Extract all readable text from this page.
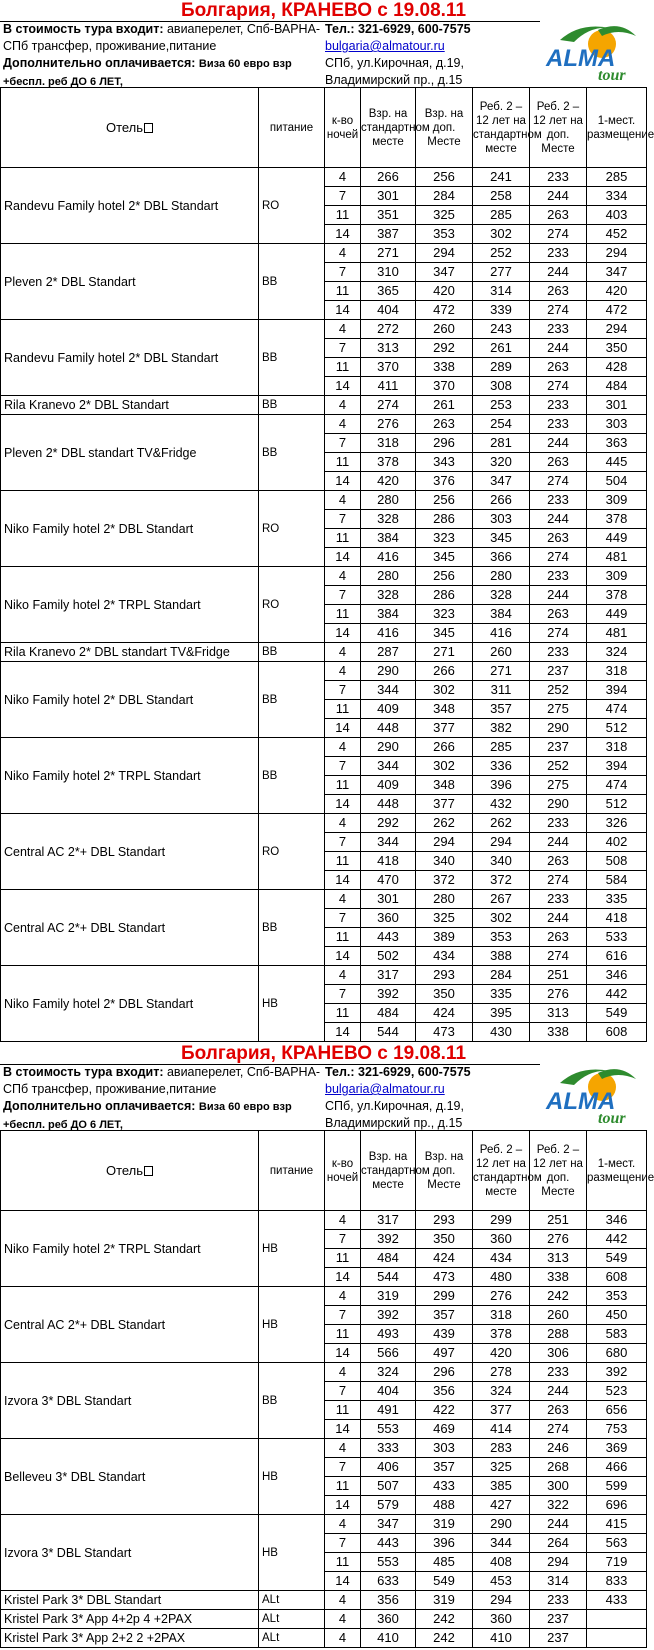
Болгария, КРАНЕВО с 19.08.11
В стоимость тура входит: авиаперелет, Спб-ВАРНА-СПб трансфер, проживание,питание
Дополнительно оплачивается: Виза 60 евро взр +беспл. реб ДО 6 ЛЕТ,
Тел.: 321-6929, 600-7575
bulgaria@almatour.ru
СПб, ул.Кирочная, д.19,
Владимирский пр., д.15
ALMA
tour
Отель	питание	к-во ночей	Взр. на стандартном месте	Взр. на доп. Месте	Реб. 2 – 12 лет на стандартном месте	Реб. 2 – 12 лет на доп. Месте	1-мест. размещение
Randevu Family hotel 2* DBL Standart	RO	4	266	256	241	233	285
		7	301	284	258	244	334
		11	351	325	285	263	403
		14	387	353	302	274	452
Pleven 2* DBL Standart	BB	4	271	294	252	233	294
		7	310	347	277	244	347
		11	365	420	314	263	420
		14	404	472	339	274	472
Randevu Family hotel 2* DBL Standart	BB	4	272	260	243	233	294
		7	313	292	261	244	350
		11	370	338	289	263	428
		14	411	370	308	274	484
Rila Kranevo 2* DBL Standart	BB	4	274	261	253	233	301
Pleven 2* DBL standart TV&Fridge	BB	4	276	263	254	233	303
		7	318	296	281	244	363
		11	378	343	320	263	445
		14	420	376	347	274	504
Niko Family hotel 2* DBL Standart	RO	4	280	256	266	233	309
		7	328	286	303	244	378
		11	384	323	345	263	449
		14	416	345	366	274	481
Niko Family hotel 2* TRPL Standart	RO	4	280	256	280	233	309
		7	328	286	328	244	378
		11	384	323	384	263	449
		14	416	345	416	274	481
Rila Kranevo 2* DBL standart TV&Fridge	BB	4	287	271	260	233	324
Niko Family hotel 2* DBL Standart	BB	4	290	266	271	237	318
		7	344	302	311	252	394
		11	409	348	357	275	474
		14	448	377	382	290	512
Niko Family hotel 2* TRPL Standart	BB	4	290	266	285	237	318
		7	344	302	336	252	394
		11	409	348	396	275	474
		14	448	377	432	290	512
Central AC 2*+ DBL Standart	RO	4	292	262	262	233	326
		7	344	294	294	244	402
		11	418	340	340	263	508
		14	470	372	372	274	584
Central AC 2*+ DBL Standart	BB	4	301	280	267	233	335
		7	360	325	302	244	418
		11	443	389	353	263	533
		14	502	434	388	274	616
Niko Family hotel 2* DBL Standart	HB	4	317	293	284	251	346
		7	392	350	335	276	442
		11	484	424	395	313	549
		14	544	473	430	338	608
Болгария, КРАНЕВО с 19.08.11
В стоимость тура входит: авиаперелет, Спб-ВАРНА-СПб трансфер, проживание,питание
Дополнительно оплачивается: Виза 60 евро взр +беспл. реб ДО 6 ЛЕТ,
Тел.: 321-6929, 600-7575
bulgaria@almatour.ru
СПб, ул.Кирочная, д.19,
Владимирский пр., д.15
ALMA
tour
Отель	питание	к-во ночей	Взр. на стандартном месте	Взр. на доп. Месте	Реб. 2 – 12 лет на стандартном месте	Реб. 2 – 12 лет на доп. Месте	1-мест. размещение
Niko Family hotel 2* TRPL Standart	HB	4	317	293	299	251	346
		7	392	350	360	276	442
		11	484	424	434	313	549
		14	544	473	480	338	608
Central AC 2*+ DBL Standart	HB	4	319	299	276	242	353
		7	392	357	318	260	450
		11	493	439	378	288	583
		14	566	497	420	306	680
Izvora 3* DBL Standart	BB	4	324	296	278	233	392
		7	404	356	324	244	523
		11	491	422	377	263	656
		14	553	469	414	274	753
Belleveu 3* DBL Standart	HB	4	333	303	283	246	369
		7	406	357	325	268	466
		11	507	433	385	300	599
		14	579	488	427	322	696
Izvora 3* DBL Standart	HB	4	347	319	290	244	415
		7	443	396	344	264	563
		11	553	485	408	294	719
		14	633	549	453	314	833
Kristel Park 3* DBL Standart	ALt	4	356	319	294	233	433
Kristel Park 3* App 4+2p 4 +2PAX	ALt	4	360	242	360	237	
Kristel Park 3* App 2+2 2 +2PAX	ALt	4	410	242	410	237	
